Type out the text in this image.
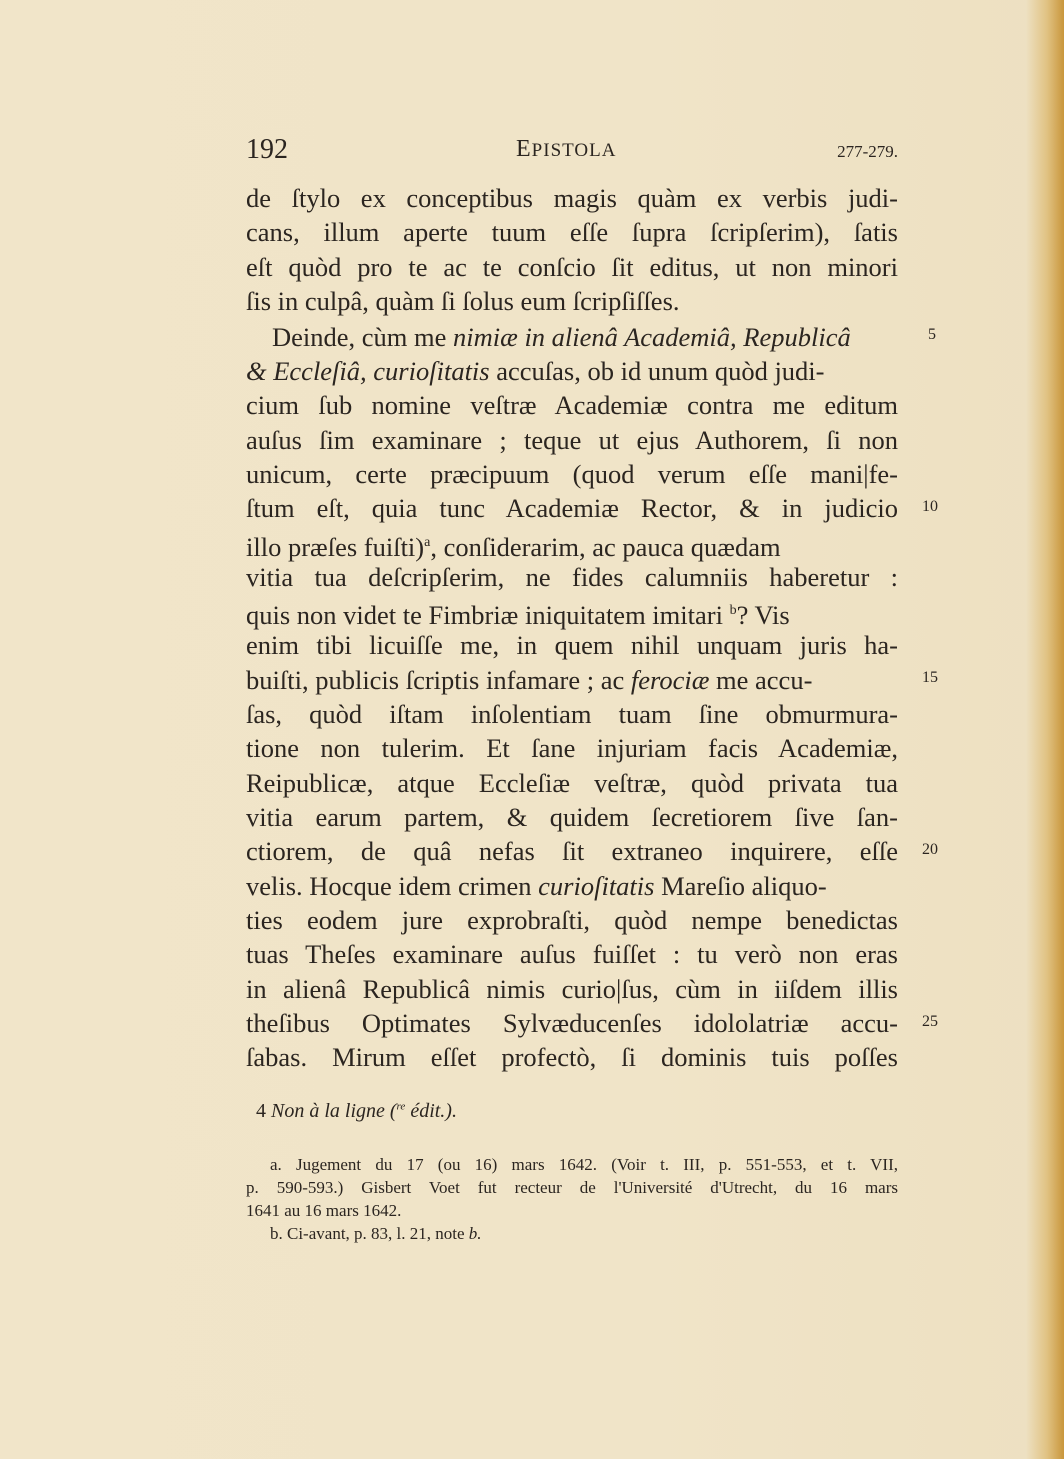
192	EPISTOLA	277-279.
de ſtylo ex conceptibus magis quàm ex verbis judi-
cans, illum aperte tuum eſſe ſupra ſcripſerim), ſatis
eſt quòd pro te ac te conſcio ſit editus, ut non minori
ſis in culpâ, quàm ſi ſolus eum ſcripſiſſes.
Deinde, cùm me nimiæ in alienâ Academiâ, Republicâ
& Eccleſiâ, curioſitatis accuſas, ob id unum quòd judi-
cium ſub nomine veſtræ Academiæ contra me editum
auſus ſim examinare ; teque ut ejus Authorem, ſi non
unicum, certe præcipuum (quod verum eſſe mani|fe-
ſtum eſt, quia tunc Academiæ Rector, & in judicio
illo præſes fuiſti)$^a$, conſiderarim, ac pauca quædam
vitia tua deſcripſerim, ne fides calumniis haberetur :
quis non videt te Fimbriæ iniquitatem imitari $^b$? Vis
enim tibi licuiſſe me, in quem nihil unquam juris ha-
buiſti, publicis ſcriptis infamare ; ac ferociæ me accu-
ſas, quòd iſtam inſolentiam tuam ſine obmurmura-
tione non tulerim. Et ſane injuriam facis Academiæ,
Reipublicæ, atque Eccleſiæ veſtræ, quòd privata tua
vitia earum partem, & quidem ſecretiorem ſive ſan-
ctiorem, de quâ nefas ſit extraneo inquirere, eſſe
velis. Hocque idem crimen curioſitatis Mareſio aliquo-
ties eodem jure exprobraſti, quòd nempe benedictas
tuas Theſes examinare auſus fuiſſet : tu verò non eras
in alienâ Republicâ nimis curio|ſus, cùm in iiſdem illis
theſibus Optimates Sylvæducenſes idololatriæ accu-
ſabas. Mirum eſſet profectò, ſi dominis tuis poſſes
5
10
15
20
25
4 Non à la ligne ($^{re}$ édit.).
a. Jugement du 17 (ou 16) mars 1642. (Voir t. III, p. 551-553, et t. VII,
p. 590-593.) Gisbert Voet fut recteur de l'Université d'Utrecht, du 16 mars
1641 au 16 mars 1642.
b. Ci-avant, p. 83, l. 21, note b.
